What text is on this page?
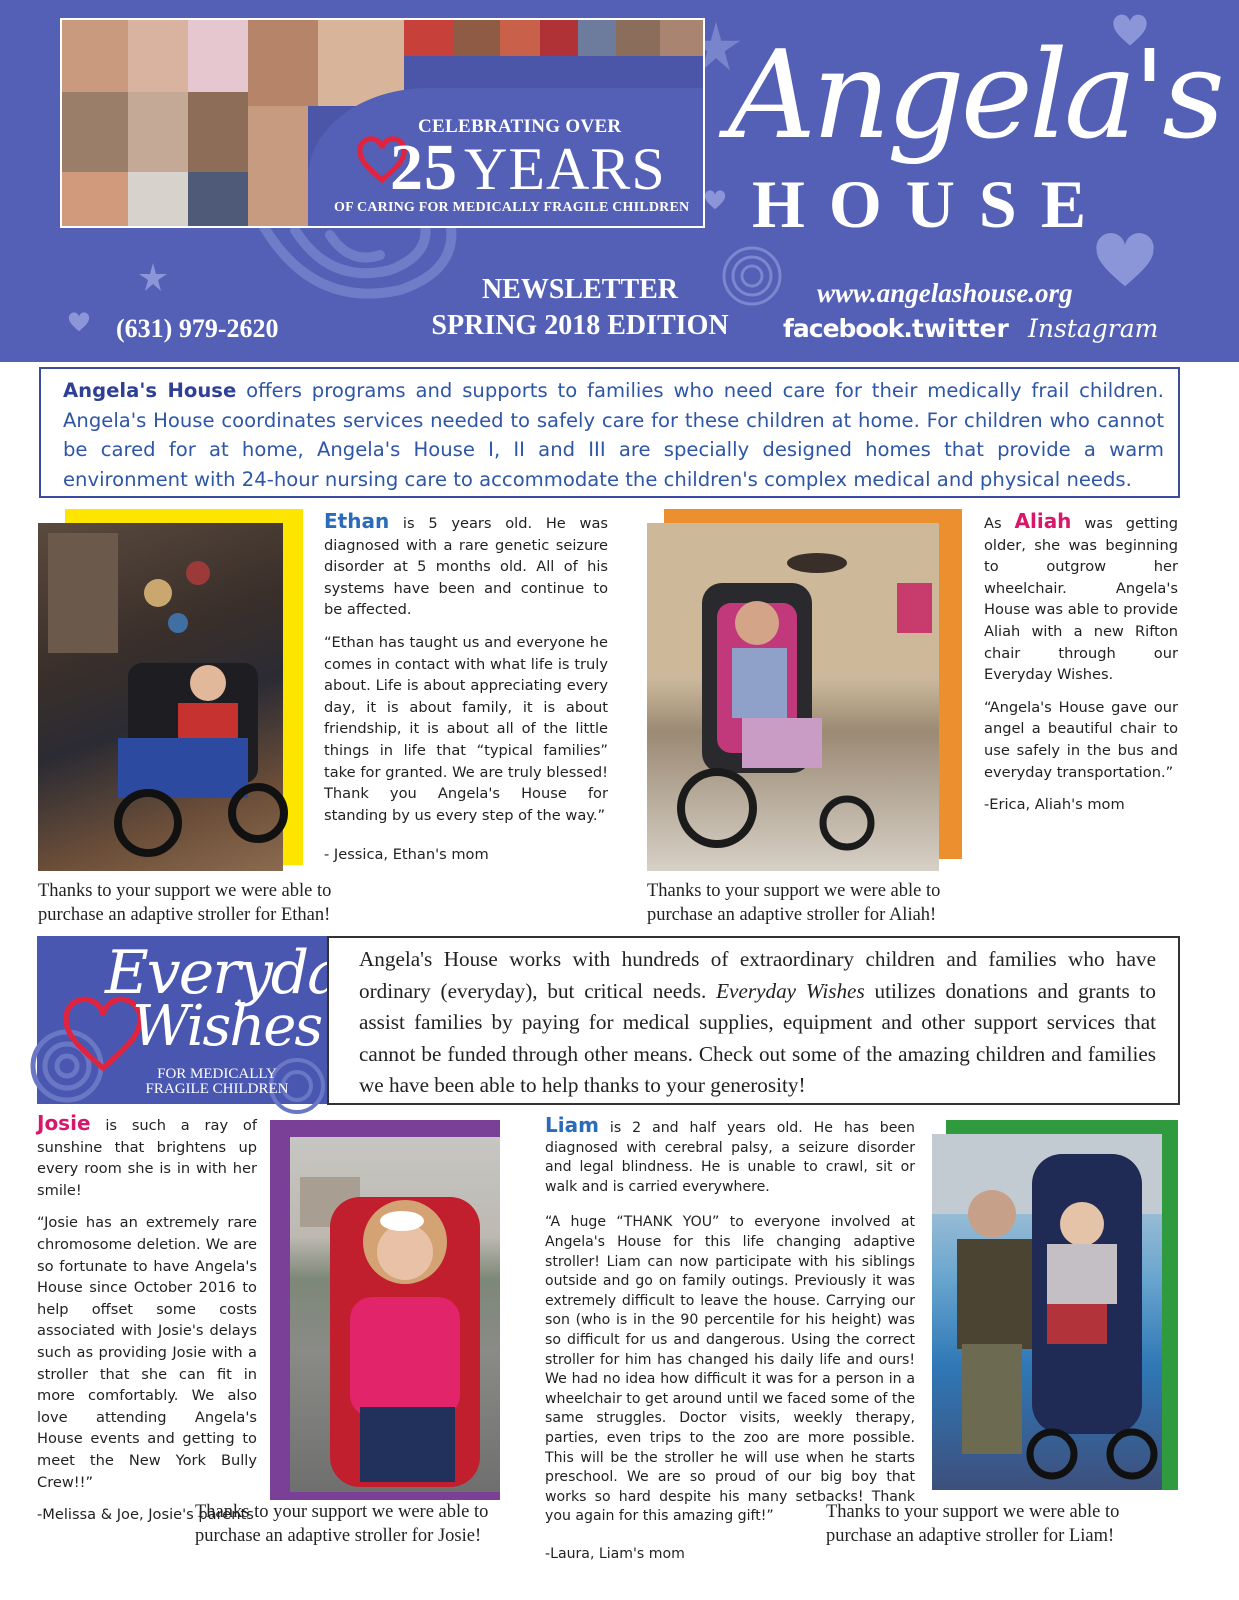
CELEBRATING OVER
25 YEARS
OF CARING FOR MEDICALLY FRAGILE CHILDREN
Angela's
HOUSE
NEWSLETTER
SPRING 2018 EDITION
(631) 979-2620
www.angelashouse.org
facebook. twitter Instagram
Angela's House offers programs and supports to families who need care for their medically frail children. Angela's House coordinates services needed to safely care for these children at home. For children who cannot be cared for at home, Angela's House I, II and III are specially designed homes that provide a warm environment with 24-hour nursing care to accommodate the children's complex medical and physical needs.

Ethan is 5 years old. He was diagnosed with a rare genetic seizure disorder at 5 months old. All of his systems have been and continue to be affected.

“Ethan has taught us and everyone he comes in contact with what life is truly about. Life is about appreciating every day, it is about family, it is about friendship, it is about all of the little things in life that “typical families” take for granted. We are truly blessed! Thank you Angela's House for standing by us every step of the way.”

- Jessica, Ethan's mom

Thanks to your support we were able to purchase an adaptive stroller for Ethan!

As Aliah was getting older, she was beginning to outgrow her wheelchair. Angela's House was able to provide Aliah with a new Rifton chair through our Everyday Wishes.

“Angela's House gave our angel a beautiful chair to use safely in the bus and everyday transportation.”

-Erica, Aliah's mom

Thanks to your support we were able to purchase an adaptive stroller for Aliah!
Everyday
Wishes
FOR MEDICALLY
FRAGILE CHILDREN
Angela's House works with hundreds of extraordinary children and families who have ordinary (everyday), but critical needs. Everyday Wishes utilizes donations and grants to assist families by paying for medical supplies, equipment and other support services that cannot be funded through other means. Check out some of the amazing children and families we have been able to help thanks to your generosity!

Josie is such a ray of sunshine that brightens up every room she is in with her smile!

“Josie has an extremely rare chromosome deletion. We are so fortunate to have Angela's House since October 2016 to help offset some costs associated with Josie's delays such as providing Josie with a stroller that she can fit in more comfortably. We also love attending Angela's House events and getting to meet the New York Bully Crew!!”

-Melissa & Joe, Josie's parents

Thanks to your support we were able to purchase an adaptive stroller for Josie!

Liam is 2 and half years old. He has been diagnosed with cerebral palsy, a seizure disorder and legal blindness. He is unable to crawl, sit or walk and is carried everywhere.

“A huge “THANK YOU” to everyone involved at Angela's House for this life changing adaptive stroller! Liam can now participate with his siblings outside and go on family outings. Previously it was extremely difficult to leave the house. Carrying our son (who is in the 90 percentile for his height) was so difficult for us and dangerous. Using the correct stroller for him has changed his daily life and ours! We had no idea how difficult it was for a person in a wheelchair to get around until we faced some of the same struggles. Doctor visits, weekly therapy, parties, even trips to the zoo are more possible. This will be the stroller he will use when he starts preschool. We are so proud of our big boy that works so hard despite his many setbacks! Thank you again for this amazing gift!”

-Laura, Liam's mom

Thanks to your support we were able to purchase an adaptive stroller for Liam!
